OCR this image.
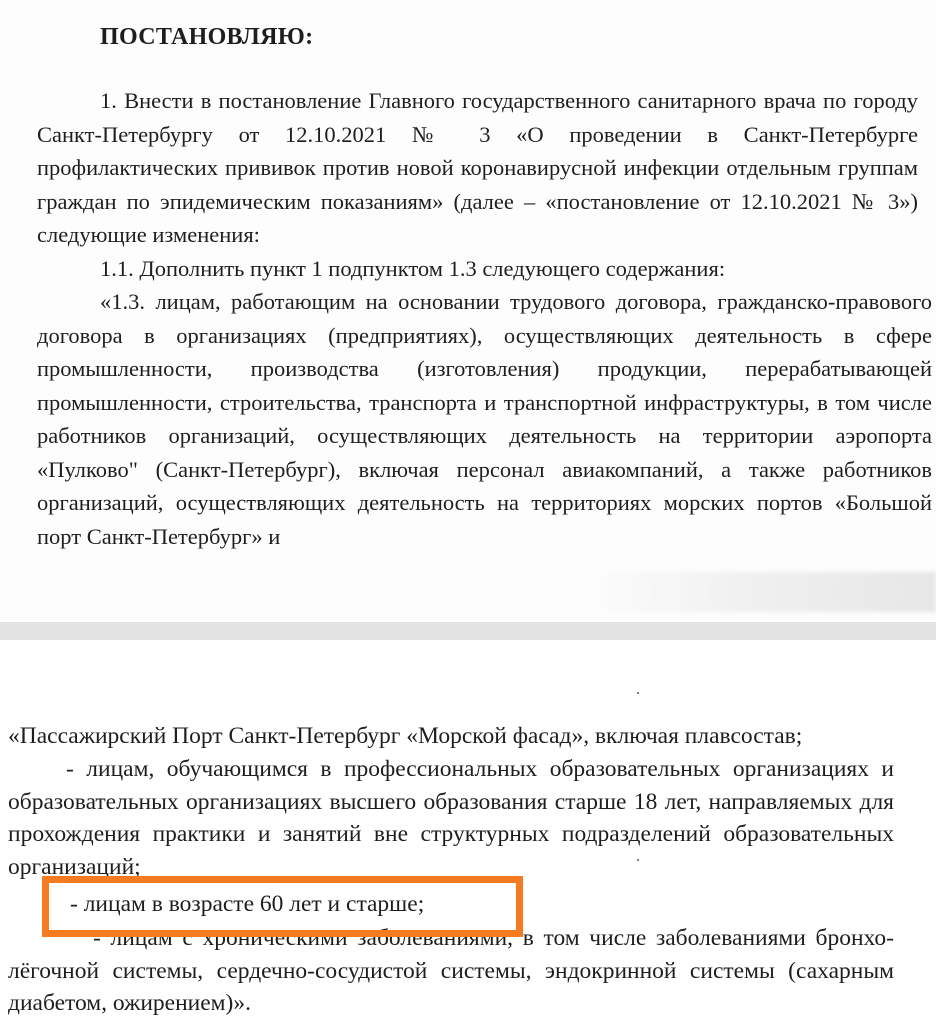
ПОСТАНОВЛЯЮ:

1. Внести в постановление Главного государственного санитарного врача по городу Санкт-Петербургу от 12.10.2021 № 3 «О проведении в Санкт-Петербурге профилактических прививок против новой коронавирусной инфекции отдельным группам граждан по эпидемическим показаниям» (далее – «постановление от 12.10.2021 № 3») следующие изменения:

1.1. Дополнить пункт 1 подпунктом 1.3 следующего содержания:

«1.3. лицам, работающим на основании трудового договора, гражданско-правового договора в организациях (предприятиях), осуществляющих деятельность в сфере промышленности, производства (изготовления) продукции, перерабатывающей промышленности, строительства, транспорта и транспортной инфраструктуры, в том числе работников организаций, осуществляющих деятельность на территории аэропорта «Пулково" (Санкт-Петербург), включая персонал авиакомпаний, а также работников организаций, осуществляющих деятельность на территориях морских портов «Большой порт Санкт-Петербург» и

«Пассажирский Порт Санкт-Петербург «Морской фасад», включая плавсостав;

- лицам, обучающимся в профессиональных образовательных организациях и образовательных организациях высшего образования старше 18 лет, направляемых для прохождения практики и занятий вне структурных подразделений образовательных организаций;

- лицам в возрасте 60 лет и старше;

- лицам с хроническими заболеваниями, в том числе заболеваниями бронхо-лёгочной системы, сердечно-сосудистой системы, эндокринной системы (сахарным диабетом, ожирением)».
